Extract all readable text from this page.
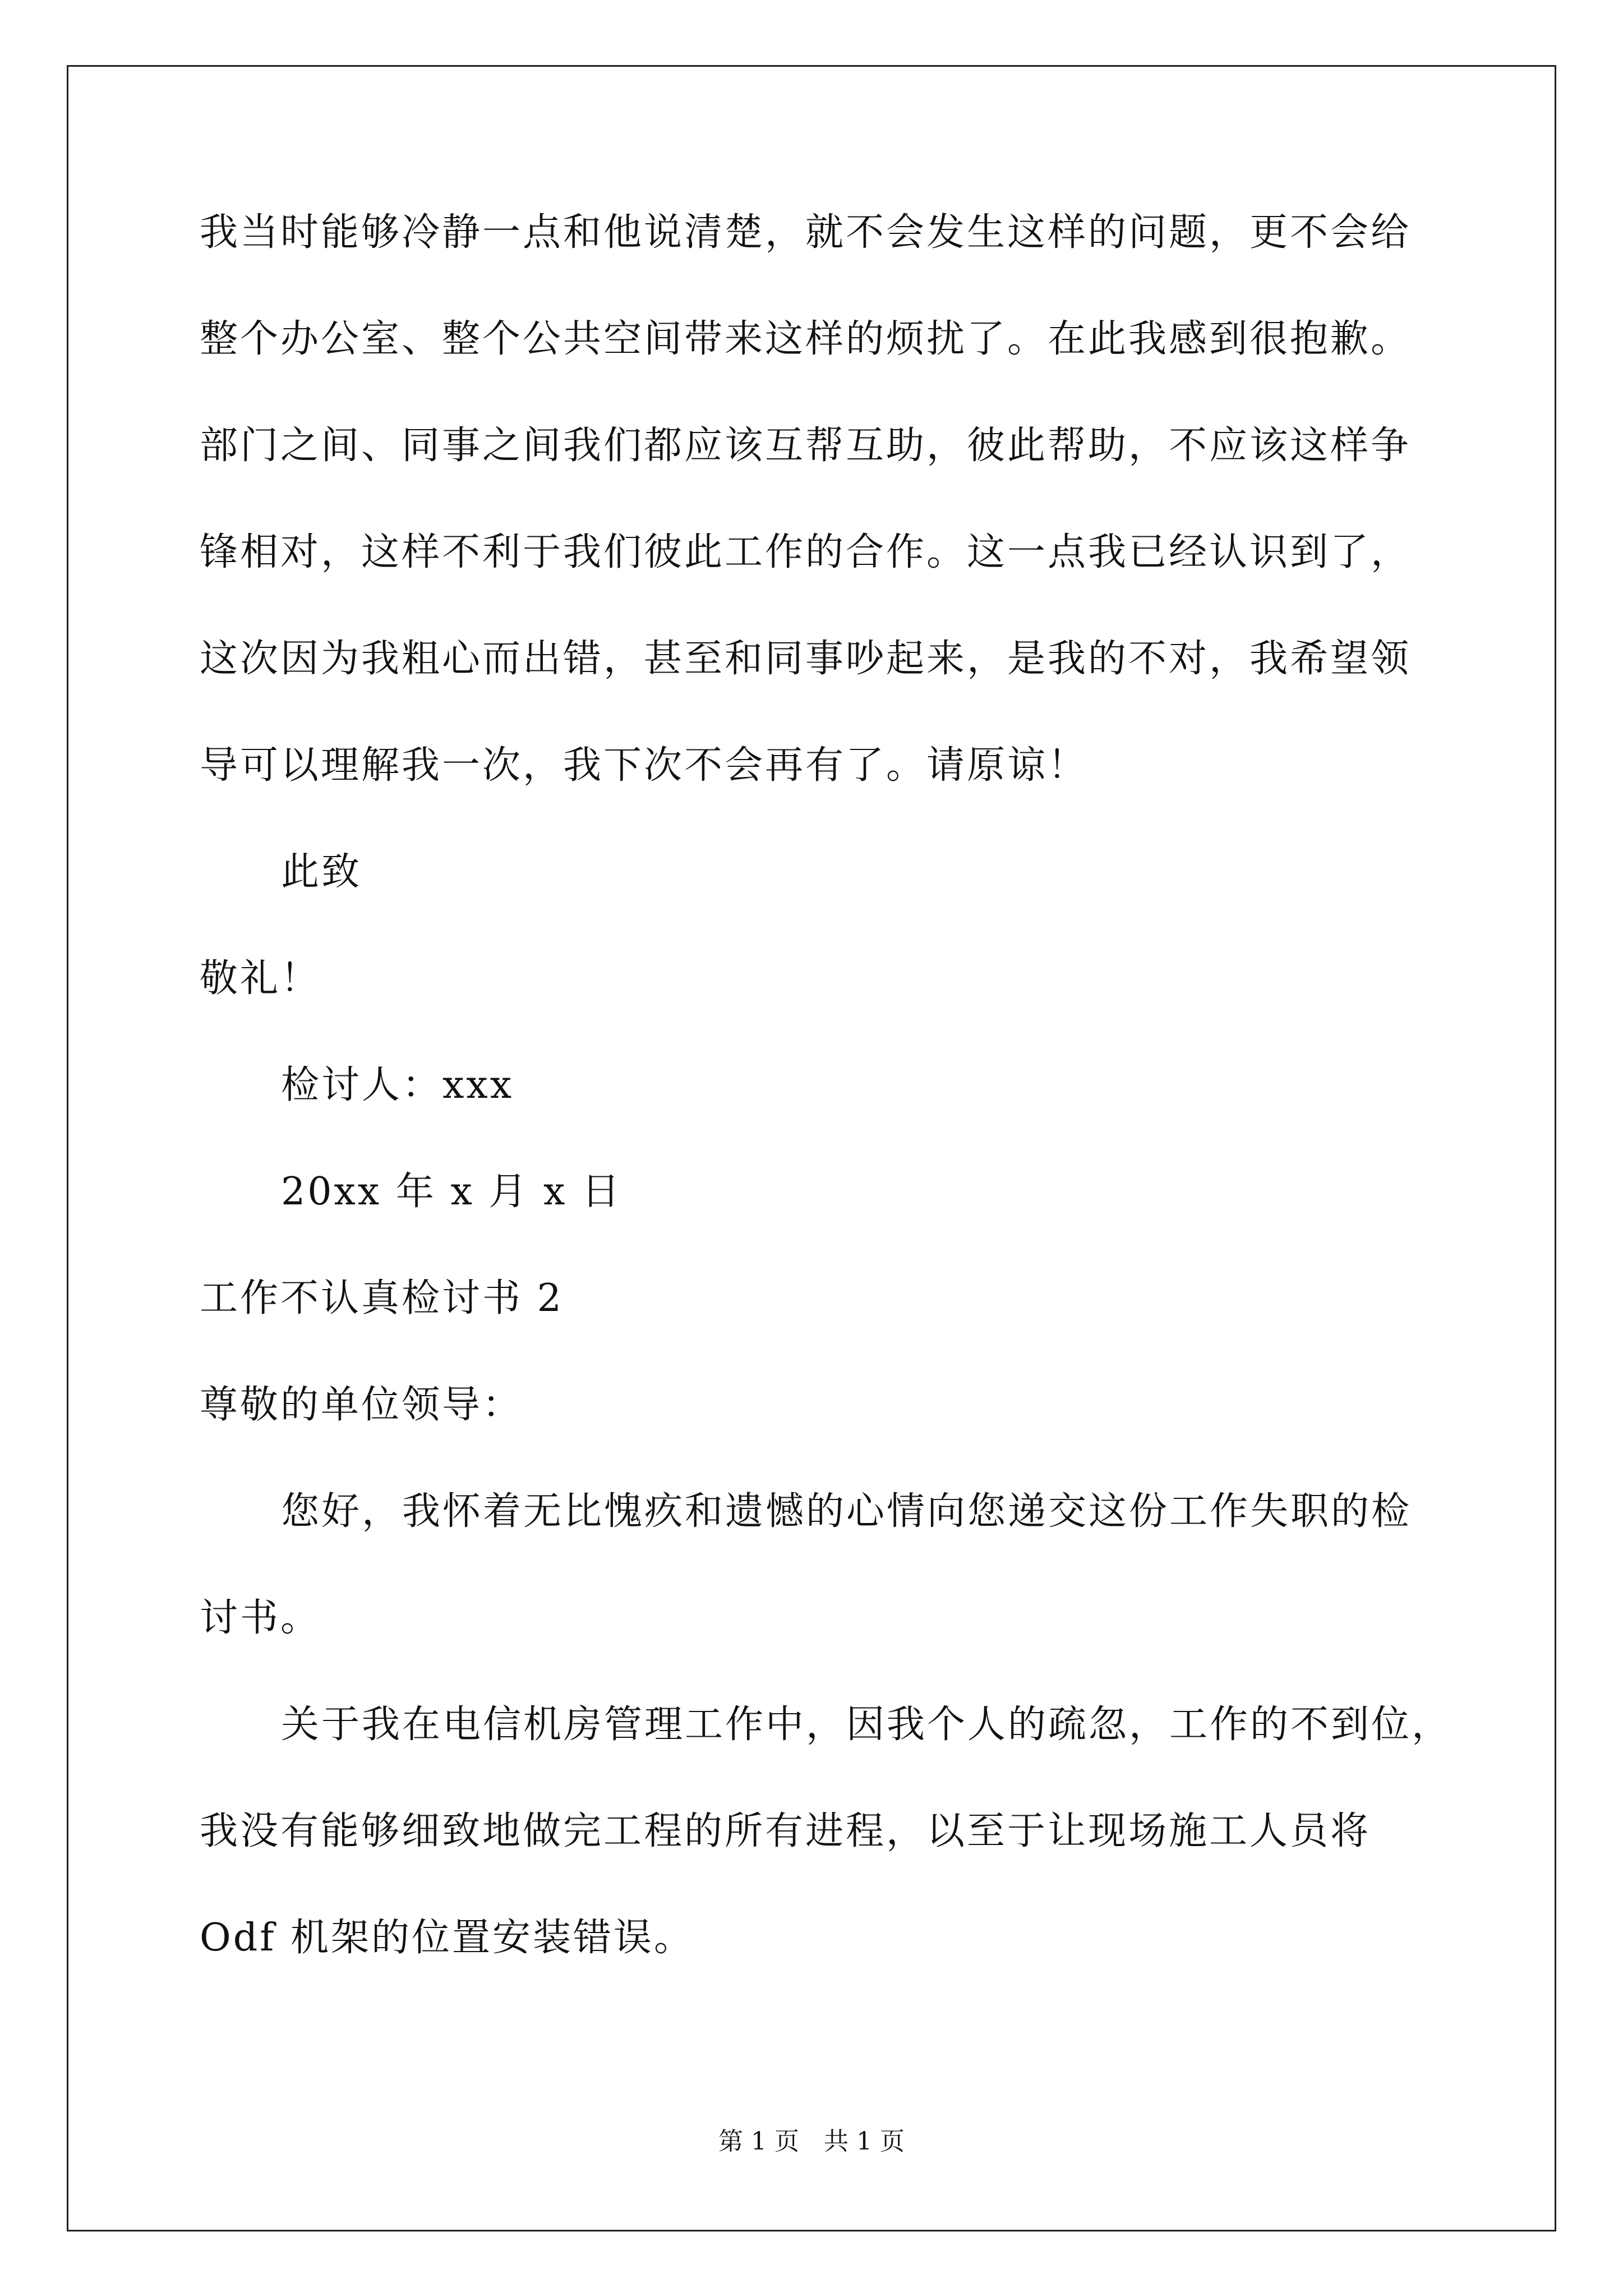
我当时能够冷静一点和他说清楚，就不会发生这样的问题，更不会给
整个办公室、整个公共空间带来这样的烦扰了。在此我感到很抱歉。
部门之间、同事之间我们都应该互帮互助，彼此帮助，不应该这样争
锋相对，这样不利于我们彼此工作的合作。这一点我已经认识到了，
这次因为我粗心而出错，甚至和同事吵起来，是我的不对，我希望领
导可以理解我一次，我下次不会再有了。请原谅！
此致
敬礼！
检讨人：xxx
20xx 年 x 月 x 日
工作不认真检讨书 2
尊敬的单位领导：
您好，我怀着无比愧疚和遗憾的心情向您递交这份工作失职的检
讨书。
关于我在电信机房管理工作中，因我个人的疏忽，工作的不到位，
我没有能够细致地做完工程的所有进程，以至于让现场施工人员将
Odf 机架的位置安装错误。
第 1 页　共 1 页
